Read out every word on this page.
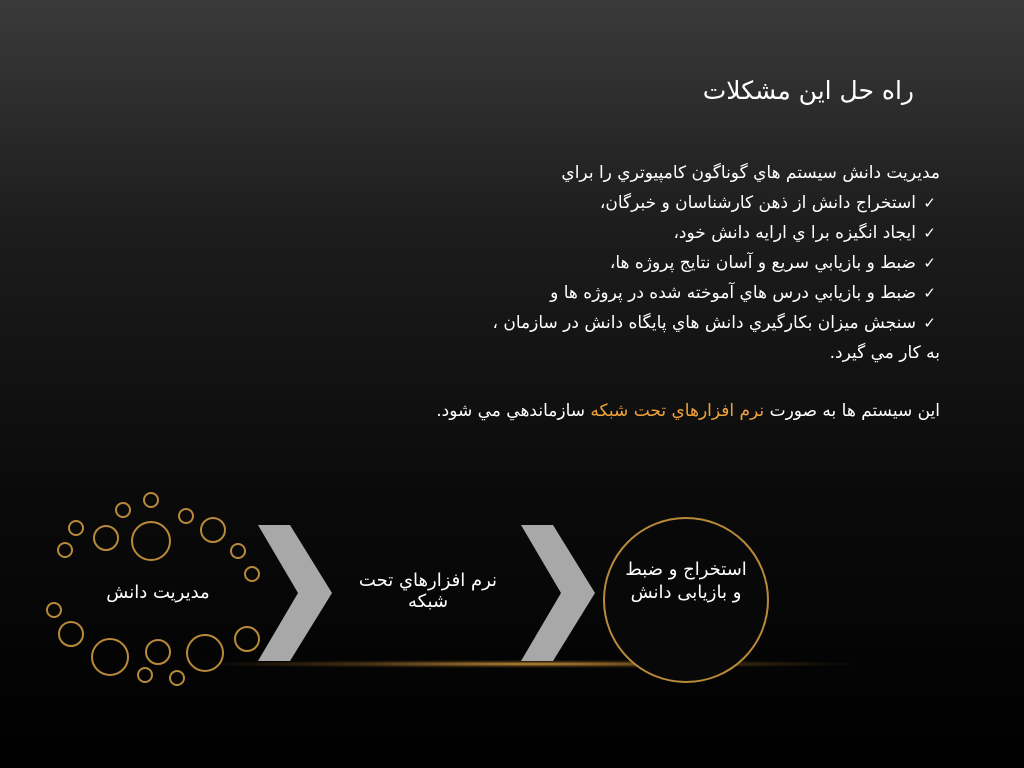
راه حل اين مشكلات
مديريت دانش سيستم هاي گوناگون كامپيوتري را براي
✓استخراج دانش از ذهن كارشناسان و خبرگان،
✓ايجاد انگيزه برا ي ارايه دانش خود،
✓ضبط و بازيابي سريع و آسان نتايج پروژه ها،
✓ضبط و بازيابي درس هاي آموخته شده در پروژه ها و
✓سنجش ميزان بكارگيري دانش هاي پايگاه دانش در سازمان ،
به كار مي گيرد.
اين سيستم ها به صورت نرم افزارهاي تحت شبكه سازماندهي مي شود.
مديريت دانش
نرم افزارهاي تحت شبكه
استخراج و ضبط و بازيابی دانش
